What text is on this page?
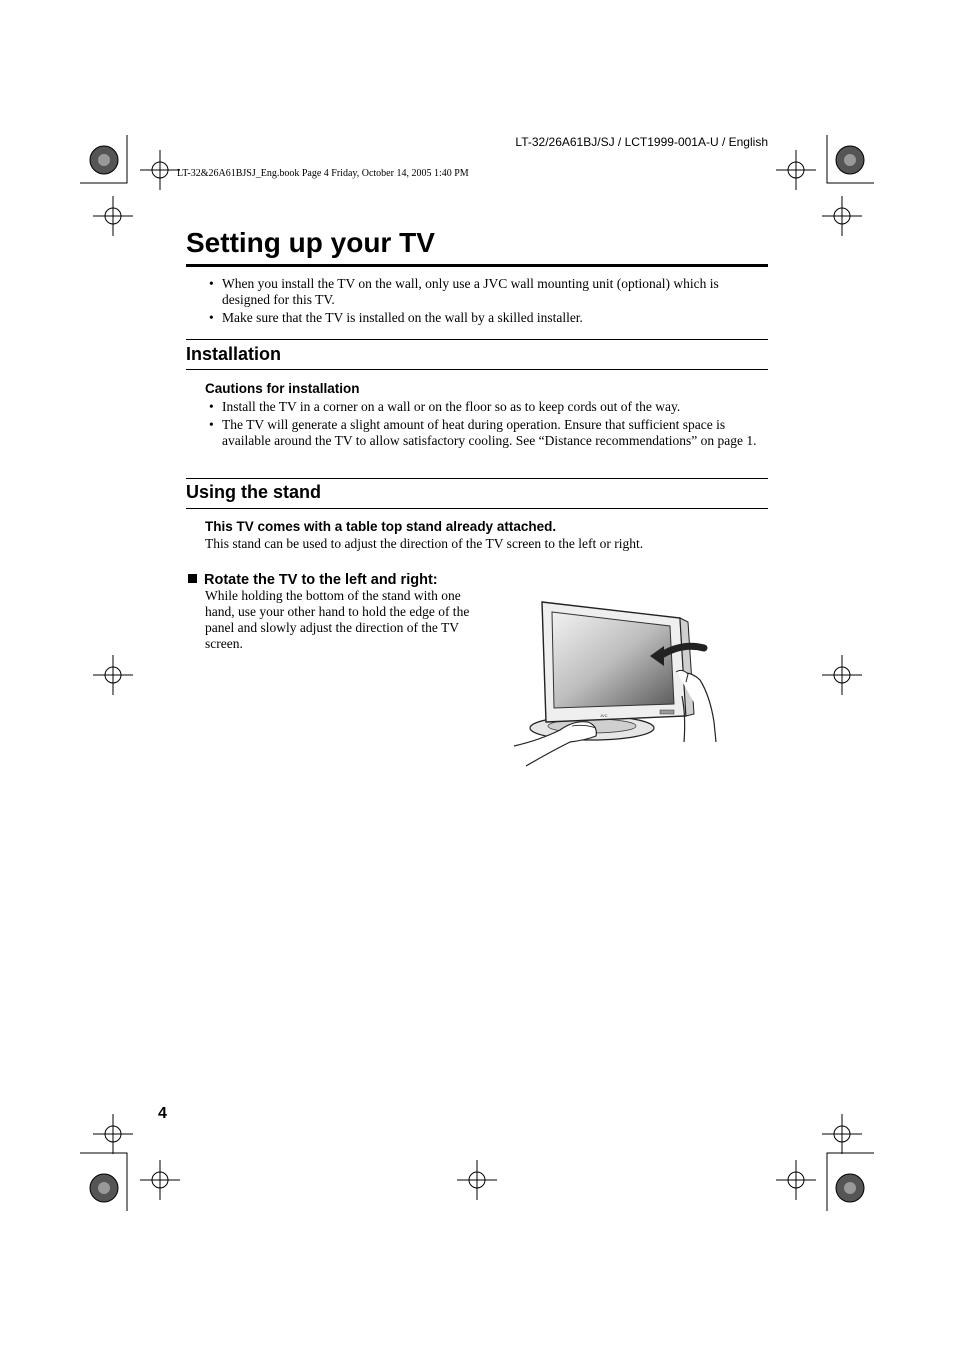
LT-32/26A61BJ/SJ / LCT1999-001A-U / English
LT-32&26A61BJSJ_Eng.book Page 4 Friday, October 14, 2005 1:40 PM
Setting up your TV
• When you install the TV on the wall, only use a JVC wall mounting unit (optional) which is designed for this TV.
• Make sure that the TV is installed on the wall by a skilled installer.
Installation
Cautions for installation
• Install the TV in a corner on a wall or on the floor so as to keep cords out of the way.
• The TV will generate a slight amount of heat during operation. Ensure that sufficient space is available around the TV to allow satisfactory cooling. See “Distance recommendations” on page 1.
Using the stand
This TV comes with a table top stand already attached.
This stand can be used to adjust the direction of the TV screen to the left or right.
Rotate the TV to the left and right:
While holding the bottom of the stand with one hand, use your other hand to hold the edge of the panel and slowly adjust the direction of the TV screen.
JVC
4
